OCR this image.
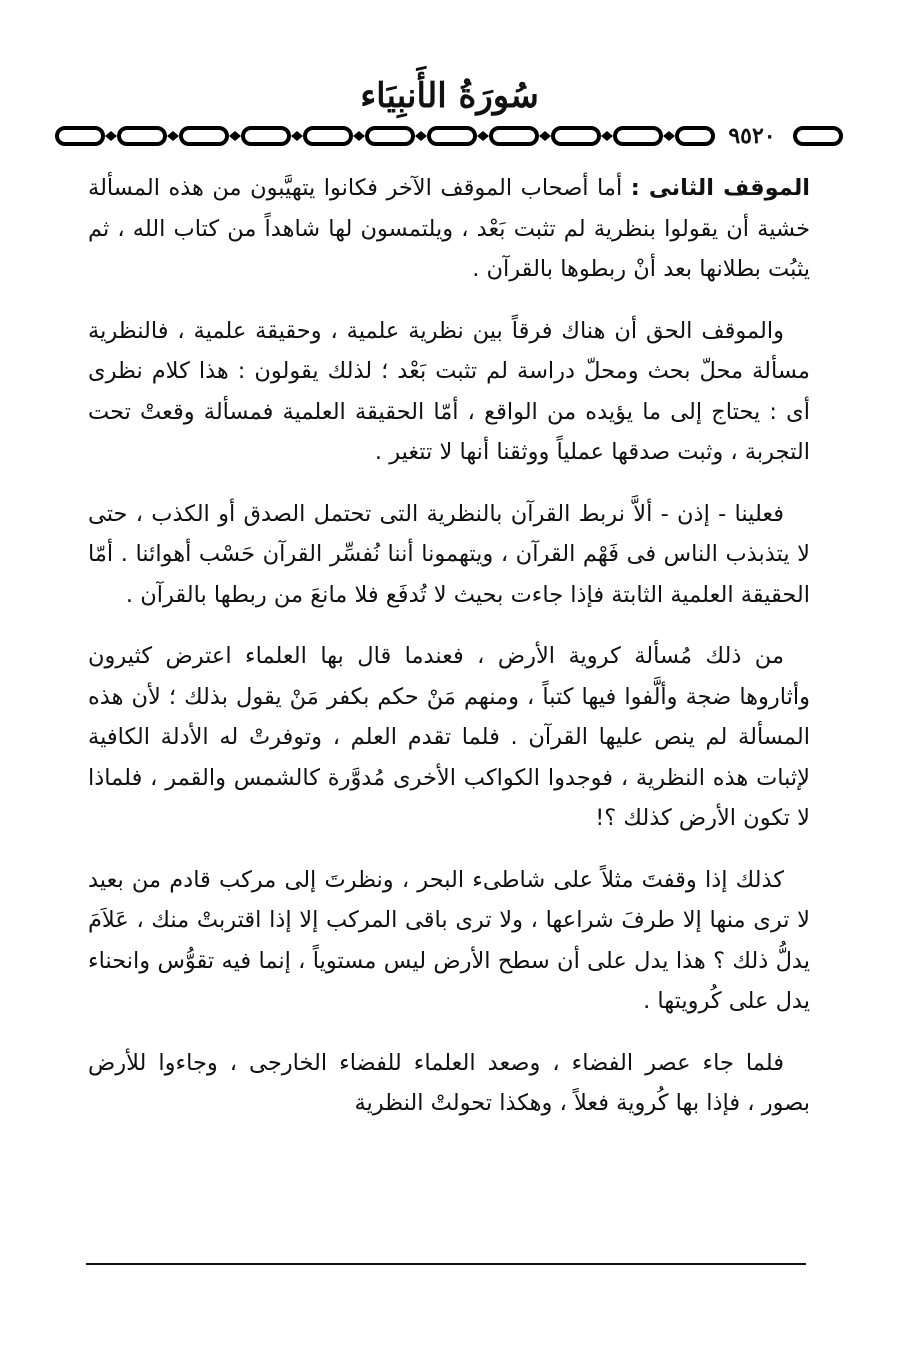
سُورَةُ الأَنبِيَاء
٩٥٢٠

الموقف الثانى : أما أصحاب الموقف الآخر فكانوا يتهيَّبون من هذه المسألة خشية أن يقولوا بنظرية لم تثبت بَعْد ، ويلتمسون لها شاهداً من كتاب الله ، ثم يثبُت بطلانها بعد أنْ ربطوها بالقرآن .

والموقف الحق أن هناك فرقاً بين نظرية علمية ، وحقيقة علمية ، فالنظرية مسألة محلّ بحث ومحلّ دراسة لم تثبت بَعْد ؛ لذلك يقولون : هذا كلام نظرى أى : يحتاج إلى ما يؤيده من الواقع ، أمّا الحقيقة العلمية فمسألة وقعتْ تحت التجربة ، وثبت صدقها عملياً ووثقنا أنها لا تتغير .

فعلينا - إذن - ألاَّ نربط القرآن بالنظرية التى تحتمل الصدق أو الكذب ، حتى لا يتذبذب الناس فى فَهْم القرآن ، ويتهمونا أننا نُفسِّر القرآن حَسْب أهوائنا . أمّا الحقيقة العلمية الثابتة فإذا جاءت بحيث لا تُدفَع فلا مانعَ من ربطها بالقرآن .

من ذلك مُسألة كروية الأرض ، فعندما قال بها العلماء اعترض كثيرون وأثاروها ضجة وألَّفوا فيها كتباً ، ومنهم مَنْ حكم بكفر مَنْ يقول بذلك ؛ لأن هذه المسألة لم ينص عليها القرآن . فلما تقدم العلم ، وتوفرتْ له الأدلة الكافية لإثبات هذه النظرية ، فوجدوا الكواكب الأخرى مُدوَّرة كالشمس والقمر ، فلماذا لا تكون الأرض كذلك ؟!

كذلك إذا وقفتَ مثلاً على شاطىء البحر ، ونظرتَ إلى مركب قادم من بعيد لا ترى منها إلا طرفَ شراعها ، ولا ترى باقى المركب إلا إذا اقتربتْ منك ، عَلاَمَ يدلُّ ذلك ؟ هذا يدل على أن سطح الأرض ليس مستوياً ، إنما فيه تقوُّس وانحناء يدل على كُرويتها .

فلما جاء عصر الفضاء ، وصعد العلماء للفضاء الخارجى ، وجاءوا للأرض بصور ، فإذا بها كُروية فعلاً ، وهكذا تحولتْ النظرية
